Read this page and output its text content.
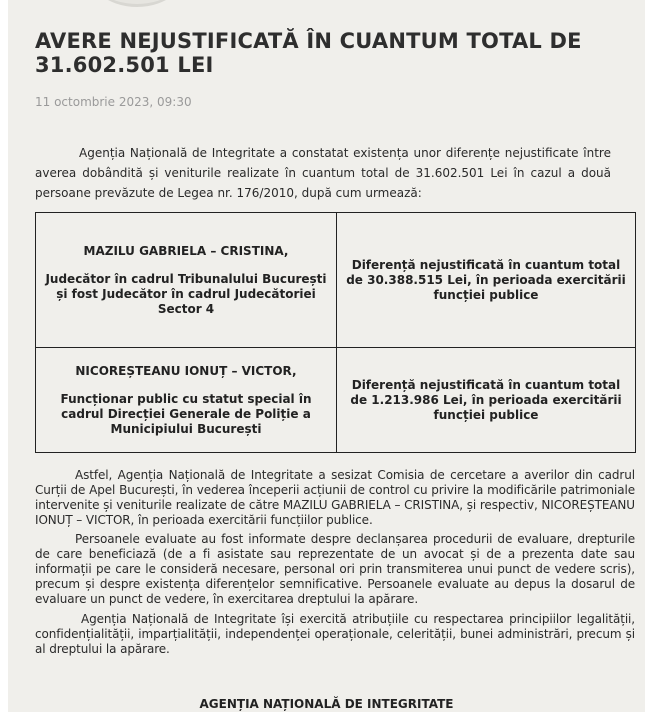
AVERE NEJUSTIFICATĂ ÎN CUANTUM TOTAL DE 31.602.501 LEI
11 octombrie 2023, 09:30

Agenția Națională de Integritate a constatat existența unor diferențe nejustificate între averea dobândită și veniturile realizate în cuantum total de 31.602.501 Lei în cazul a două persoane prevăzute de Legea nr. 176/2010, după cum urmează:

MAZILU GABRIELA – CRISTINA,

Judecător în cadrul Tribunalului București și fost Judecător în cadrul Judecătoriei Sector 4	Diferență nejustificată în cuantum total de 30.388.515 Lei, în perioada exercitării funcției publice

NICOREȘTEANU IONUȚ – VICTOR,

Funcționar public cu statut special în cadrul Direcției Generale de Poliție a Municipiului București	Diferență nejustificată în cuantum total de 1.213.986 Lei, în perioada exercitării funcției publice

Astfel, Agenția Națională de Integritate a sesizat Comisia de cercetare a averilor din cadrul Curții de Apel București, în vederea începerii acțiunii de control cu privire la modificările patrimoniale intervenite și veniturile realizate de către MAZILU GABRIELA – CRISTINA, și respectiv, NICOREȘTEANU IONUȚ – VICTOR, în perioada exercitării funcțiilor publice.

Persoanele evaluate au fost informate despre declanșarea procedurii de evaluare, drepturile de care beneficiază (de a fi asistate sau reprezentate de un avocat și de a prezenta date sau informații pe care le consideră necesare, personal ori prin transmiterea unui punct de vedere scris), precum și despre existența diferențelor semnificative. Persoanele evaluate au depus la dosarul de evaluare un punct de vedere, în exercitarea dreptului la apărare.

Agenția Națională de Integritate își exercită atribuțiile cu respectarea principiilor legalității, confidențialității, imparțialității, independenței operaționale, celerității, bunei administrări, precum și al dreptului la apărare.

AGENȚIA NAȚIONALĂ DE INTEGRITATE
